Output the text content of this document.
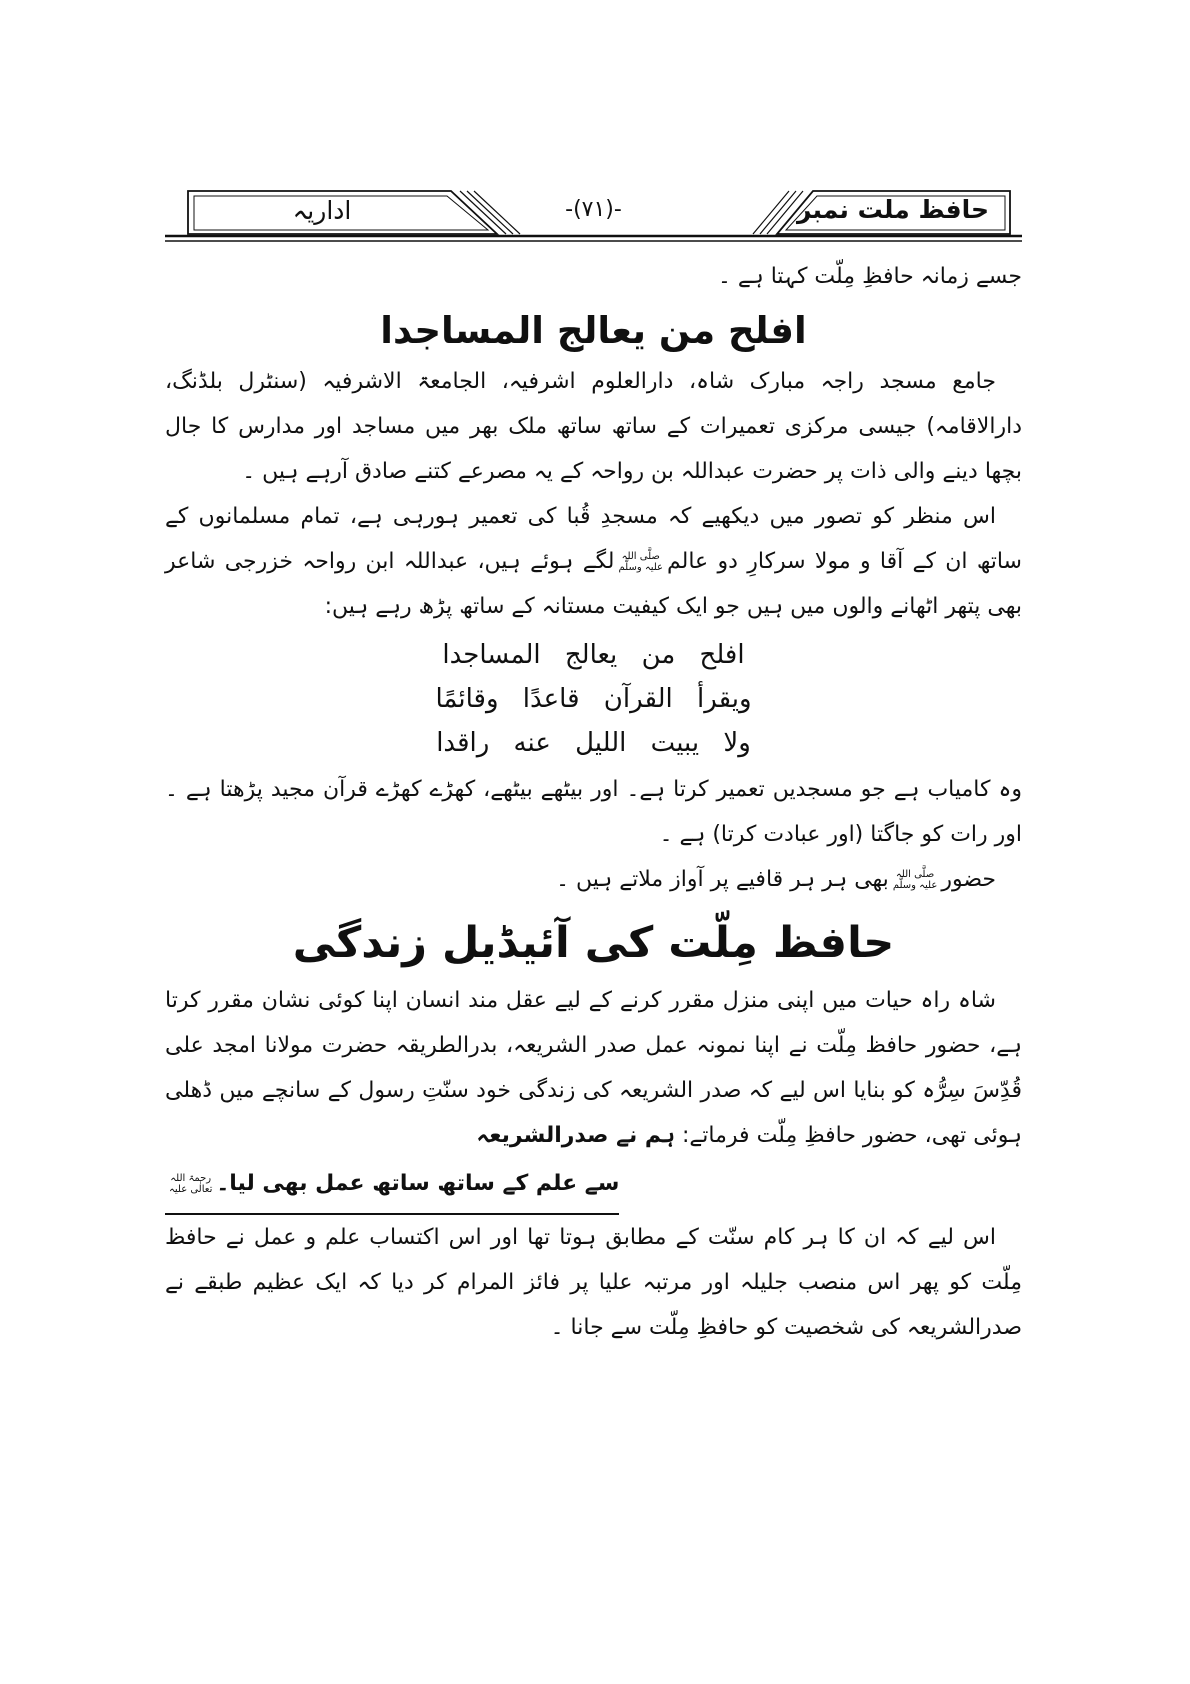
حافظ ملت نمبر
-(۷۱)-
اداریہ
جسے زمانہ حافظِ مِلّت کہتا ہے ۔
افلح من یعالج المساجدا
جامع مسجد راجہ مبارک شاہ، دارالعلوم اشرفیہ، الجامعۃ الاشرفیہ (سنٹرل بلڈنگ، دارالاقامہ) جیسی مرکزی تعمیرات کے ساتھ ساتھ ملک بھر میں مساجد اور مدارس کا جال بچھا دینے والی ذات پر حضرت عبداللہ بن رواحہ کے یہ مصرعے کتنے صادق آرہے ہیں ۔
اس منظر کو تصور میں دیکھیے کہ مسجدِ قُبا کی تعمیر ہورہی ہے، تمام مسلمانوں کے ساتھ ان کے آقا و مولا سرکارِ دو عالم
صلَّی اللہ
علیہ وسلَّم
لگے ہوئے ہیں، عبداللہ ابن رواحہ خزرجی شاعر بھی پتھر اٹھانے والوں میں ہیں جو ایک کیفیت مستانہ کے ساتھ پڑھ رہے ہیں:
افلح من يعالج المساجدا
ويقرأ القرآن قاعدًا وقائمًا
ولا يبيت الليل عنه راقدا
وہ کامیاب ہے جو مسجدیں تعمیر کرتا ہے۔ اور بیٹھے بیٹھے، کھڑے کھڑے قرآن مجید پڑھتا ہے ۔ اور رات کو جاگتا (اور عبادت کرتا) ہے ۔
حضور
صلَّی اللہ
علیہ وسلَّم
بھی ہر ہر قافیے پر آواز ملاتے ہیں ۔
حافظ مِلّت کی آئیڈیل زندگی
شاہ راہ حیات میں اپنی منزل مقرر کرنے کے لیے عقل مند انسان اپنا کوئی نشان مقرر کرتا ہے، حضور حافظ مِلّت نے اپنا نمونہ عمل صدر الشریعہ، بدرالطریقہ حضرت مولانا امجد علی قُدِّسَ سِرُّہ کو بنایا اس لیے کہ صدر الشریعہ کی زندگی خود سنّتِ رسول کے سانچے میں ڈھلی ہوئی تھی، حضور حافظِ مِلّت فرماتے: ہم نے صدرالشریعہ
سے علم کے ساتھ ساتھ عمل بھی لیا۔
رحمۃ اللہ
تعالٰی علیہ
اس لیے کہ ان کا ہر کام سنّت کے مطابق ہوتا تھا اور اس اکتساب علم و عمل نے حافظ مِلّت کو پھر اس منصب جلیلہ اور مرتبہ علیا پر فائز المرام کر دیا کہ ایک عظیم طبقے نے صدرالشریعہ کی شخصیت کو حافظِ مِلّت سے جانا ۔
